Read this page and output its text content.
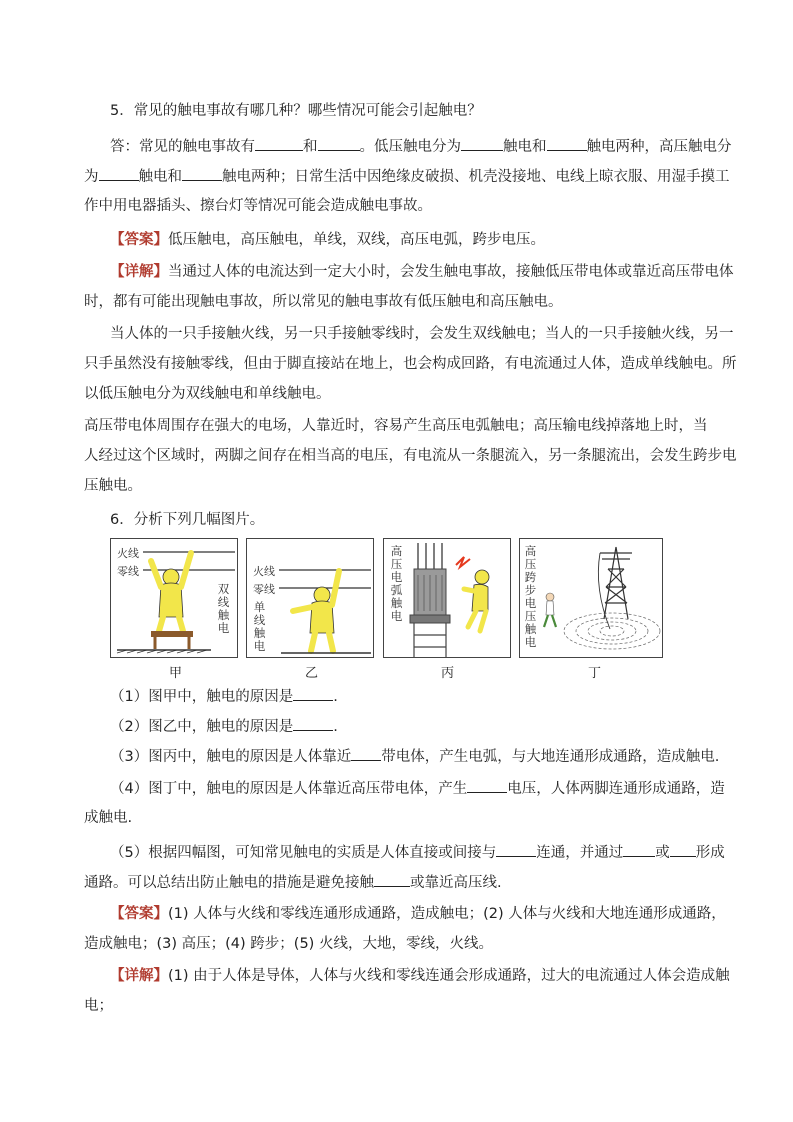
5．常见的触电事故有哪几种？哪些情况可能会引起触电？
答：常见的触电事故有	和	。低压触电分为	触电和	触电两种，高压触电分
为	触电和	触电两种；日常生活中因绝缘皮破损、机壳没接地、电线上晾衣服、用湿手摸工
作中用电器插头、擦台灯等情况可能会造成触电事故。
【答案】低压触电，高压触电，单线，双线，高压电弧，跨步电压。
【详解】当通过人体的电流达到一定大小时，会发生触电事故，接触低压带电体或靠近高压带电体
时，都有可能出现触电事故，所以常见的触电事故有低压触电和高压触电。
当人体的一只手接触火线，另一只手接触零线时，会发生双线触电；当人的一只手接触火线，另一
只手虽然没有接触零线，但由于脚直接站在地上，也会构成回路，有电流通过人体，造成单线触电。所
以低压触电分为双线触电和单线触电。
高压带电体周围存在强大的电场，人靠近时，容易产生高压电弧触电；高压输电线掉落地上时，当
人经过这个区域时，两脚之间存在相当高的电压，有电流从一条腿流入，另一条腿流出，会发生跨步电
压触电。
6．分析下列几幅图片。
火线
零线
双线触电
火线
零线
单线触电
高压电弧触电
高压跨步电压触电
甲	乙	丙	丁
（1）图甲中，触电的原因是	.
（2）图乙中，触电的原因是	.
（3）图丙中，触电的原因是人体靠近 带电体，产生电弧，与大地连通形成通路，造成触电.
（4）图丁中，触电的原因是人体靠近高压带电体，产生	电压，人体两脚连通形成通路，造
成触电.
（5）根据四幅图，可知常见触电的实质是人体直接或间接与	连通，并通过 或 形成
通路。可以总结出防止触电的措施是避免接触 或靠近高压线.
【答案】(1) 人体与火线和零线连通形成通路，造成触电；(2) 人体与火线和大地连通形成通路，
造成触电；(3) 高压；(4) 跨步；(5) 火线，大地，零线，火线。
【详解】(1) 由于人体是导体，人体与火线和零线连通会形成通路，过大的电流通过人体会造成触
电；
